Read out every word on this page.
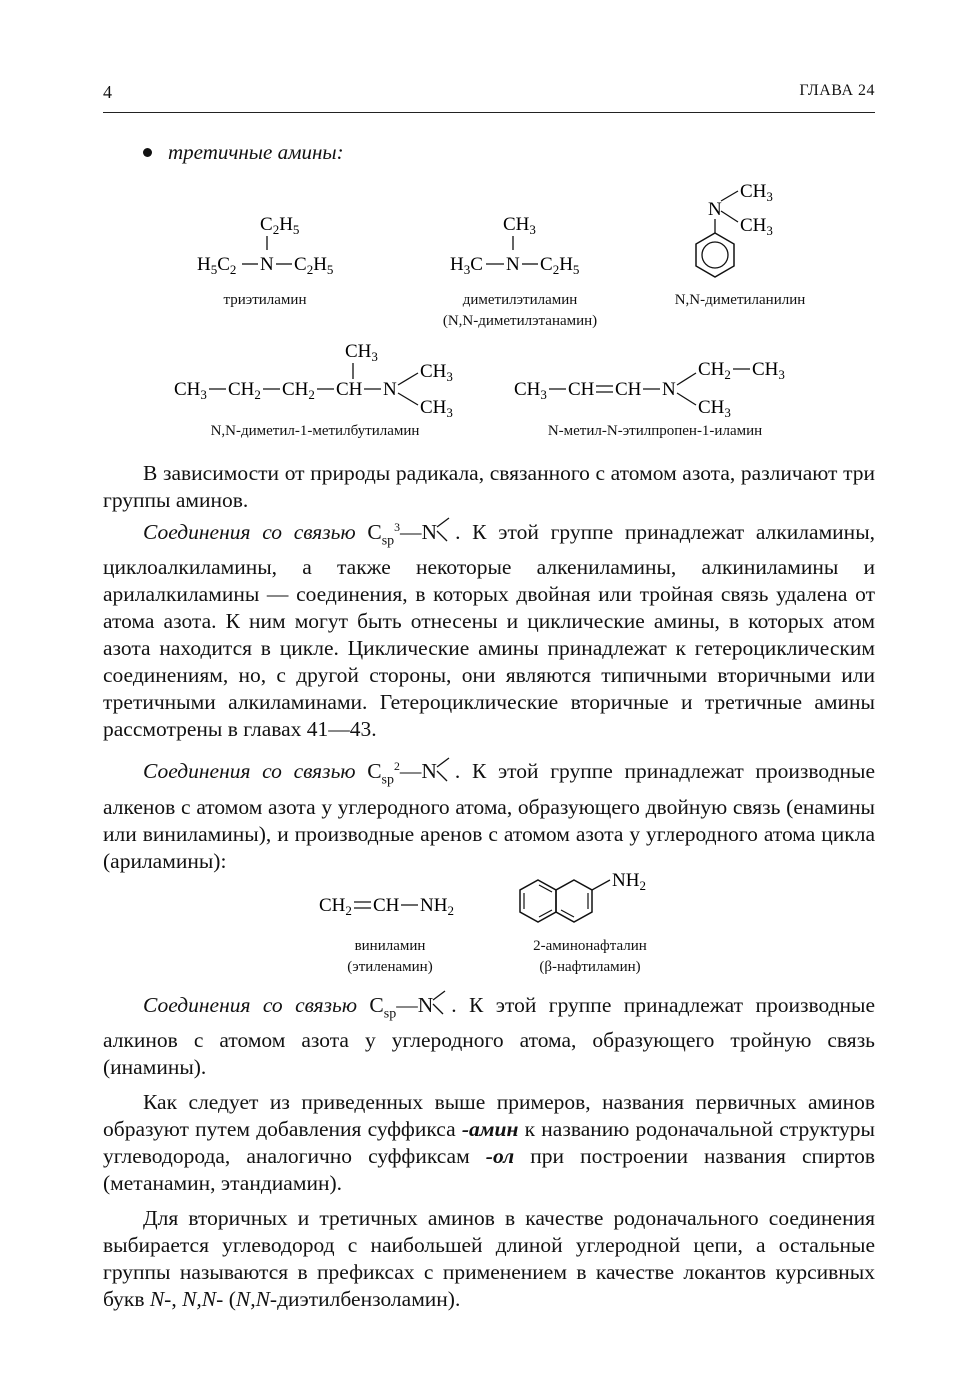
4	ГЛАВА 24
третичные амины:
$C_2H_5$
$H_5C_2$ N $C_2H_5$
триэтиламин
$CH_3$
$H_3C$ N $C_2H_5$
диметилэтиламин
(N,N-диметилэтанамин)
N
$CH_3$
$CH_3$
N,N-диметиланилин
$CH_3$
$CH_3$ $CH_2$ $CH_2$ CH N
$CH_3$
$CH_3$
N,N-диметил-1-метилбутиламин
$CH_3$ CH CH N
$CH_2$ $CH_3$
$CH_3$
N-метил-N-этилпропен-1-иламин

В зависимости от природы радикала, связанного с атомом азота, различают три группы аминов.

Соединения со связью $C_{sp}^3—N$ . К этой группе принадлежат алкиламины, циклоалкиламины, а также некоторые алкениламины, алкиниламины и арилалкиламины — соединения, в которых двойная или тройная связь удалена от атома азота. К ним могут быть отнесены и циклические амины, в которых атом азота находится в цикле. Циклические амины принадлежат к гетероциклическим соединениям, но, с другой стороны, они являются типичными вторичными или третичными алкиламинами. Гетероциклические вторичные и третичные амины рассмотрены в главах 41—43.

Соединения со связью $C_{sp}^2—N$ . К этой группе принадлежат производные алкенов с атомом азота у углеродного атома, образующего двойную связь (енамины или виниламины), и производные аренов с атомом азота у углеродного атома цикла (ариламины):

$CH_2$ CH $NH_2$
виниламин
(этиленамин)
$NH_2$
2-аминонафталин
(β-нафтиламин)

Соединения со связью $C_{sp}—N$ . К этой группе принадлежат производные алкинов с атомом азота у углеродного атома, образующего тройную связь (инамины).

Как следует из приведенных выше примеров, названия первичных аминов образуют путем добавления суффикса -амин к названию родоначальной структуры углеводорода, аналогично суффиксам -ол при построении названия спиртов (метанамин, этандиамин).

Для вторичных и третичных аминов в качестве родоначального соединения выбирается углеводород с наибольшей длиной углеродной цепи, а остальные группы называются в префиксах с применением в качестве локантов курсивных букв N-, N,N- (N,N-диэтилбензоламин).
